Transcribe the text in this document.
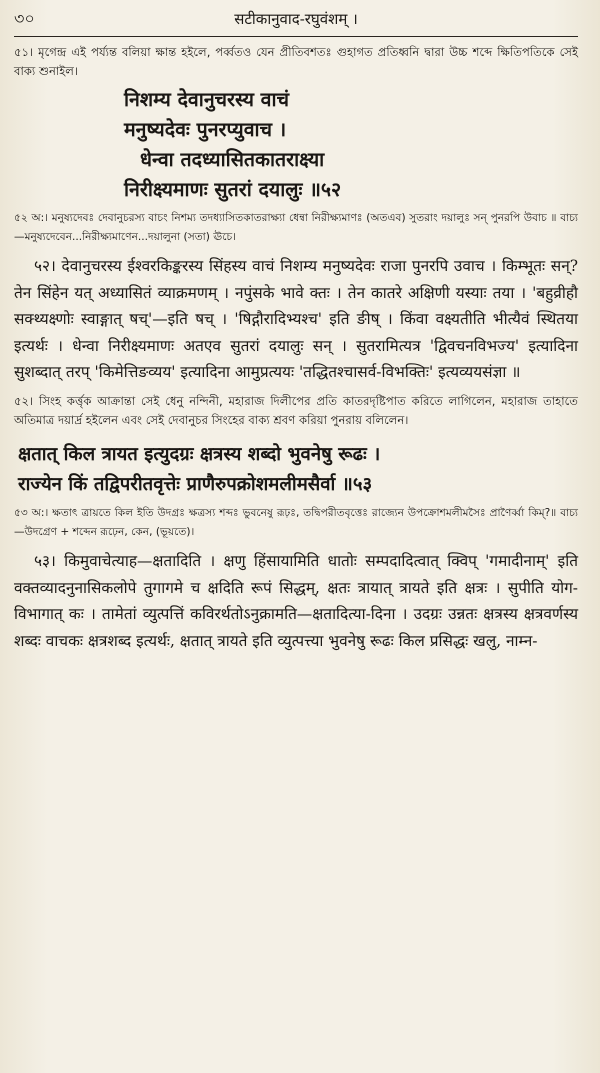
৩০	सटीकानुवाद-रघुवंशम् ।

৫১। মৃগেন্দ্র এই পর্য্যন্ত বলিয়া ক্ষান্ত হইলে, পর্ব্বতও যেন প্রীতিবশতঃ গুহাগত প্রতিধ্বনি দ্বারা উচ্চ শব্দে ক্ষিতিপতিকে সেই বাক্য শুনাইল।

निशम्य देवानुचरस्य वाचं
मनुष्यदेवः पुनरप्युवाच ।
धेन्वा तदध्यासितकातराक्ष्या
निरीक्ष्यमाणः सुतरां दयालुः ॥५२

৫২ অ:। মনুষ্যদেবঃ দেবানুচরস্য বাচং নিশম্য তদধ্যাসিতকাতরাক্ষ্যা ধেন্বা নিরীক্ষ্যমাণঃ (অতএব) সুতরাং দয়ালুঃ সন্ পুনরপি উবাচ ॥ বাচ্য—মনুষ্যদেবেন...নিরীক্ষ্যমাণেন...দয়ালুনা (সতা) ঊচে।

५२। देवानुचरस्य ईश्वरकिङ्करस्य सिंहस्य वाचं निशम्य मनुष्यदेवः राजा पुनरपि उवाच । किम्भूतः सन्? तेन सिंहेन यत् अध्यासितं व्याक्रमणम् । नपुंसके भावे क्तः । तेन कातरे अक्षिणी यस्याः तया । 'बहुव्रीहौ सक्थ्यक्ष्णोः स्वाङ्गात् षच्'—इति षच् । 'षिद्गौरादिभ्यश्च' इति ङीष् । किंवा वक्ष्यतीति भीत्यैवं स्थितया इत्यर्थः । धेन्वा निरीक्ष्यमाणः अतएव सुतरां दयालुः सन् । सुतरामित्यत्र 'द्विवचनविभज्य' इत्यादिना सुशब्दात् तरप् 'किमेत्तिङव्यय' इत्यादिना आमुप्रत्ययः 'तद्धितश्चासर्व-विभक्तिः' इत्यव्ययसंज्ञा ॥

৫২। সিংহ কর্ত্তৃক আক্রান্তা সেই ধেনু নন্দিনী, মহারাজ দিলীপের প্রতি কাতরদৃষ্টিপাত করিতে লাগিলেন, মহারাজ তাহাতে অতিমাত্র দয়ার্দ্র হইলেন এবং সেই দেবানুচর সিংহের বাক্য শ্রবণ করিয়া পুনরায় বলিলেন।

क्षतात् किल त्रायत इत्युदग्रः क्षत्रस्य शब्दो भुवनेषु रूढः ।
राज्येन किं तद्विपरीतवृत्तेः प्राणैरुपक्रोशमलीमसैर्वा ॥५३

৫৩ অ:। ক্ষতাৎ ত্রায়তে কিল ইতি উদগ্রঃ ক্ষত্রস্য শব্দঃ ভুবনেষু রূঢ়ঃ, তদ্বিপরীতবৃত্তেঃ রাজ্যেন উপক্রোশমলীমসৈঃ প্রাণৈর্ব্বা কিম্?॥ বাচ্য—উদগ্রেণ + শব্দেন রূঢ়েন, কেন, (ভূয়তে)।

५३। किमुवाचेत्याह—क्षतादिति । क्षणु हिंसायामिति धातोः सम्पदादित्वात् क्विप् 'गमादीनाम्' इति वक्तव्यादनुनासिकलोपे तुगागमे च क्षदिति रूपं सिद्धम्, क्षतः त्रायात् त्रायते इति क्षत्रः । सुपीति योग-विभागात् कः । तामेतां व्युत्पत्तिं कविरर्थतोऽनुक्रामति—क्षतादित्या-दिना । उदग्रः उन्नतः क्षत्रस्य क्षत्रवर्णस्य शब्दः वाचकः क्षत्रशब्द इत्यर्थः, क्षतात् त्रायते इति व्युत्पत्त्या भुवनेषु रूढः किल प्रसिद्धः खलु, नाम्न-
